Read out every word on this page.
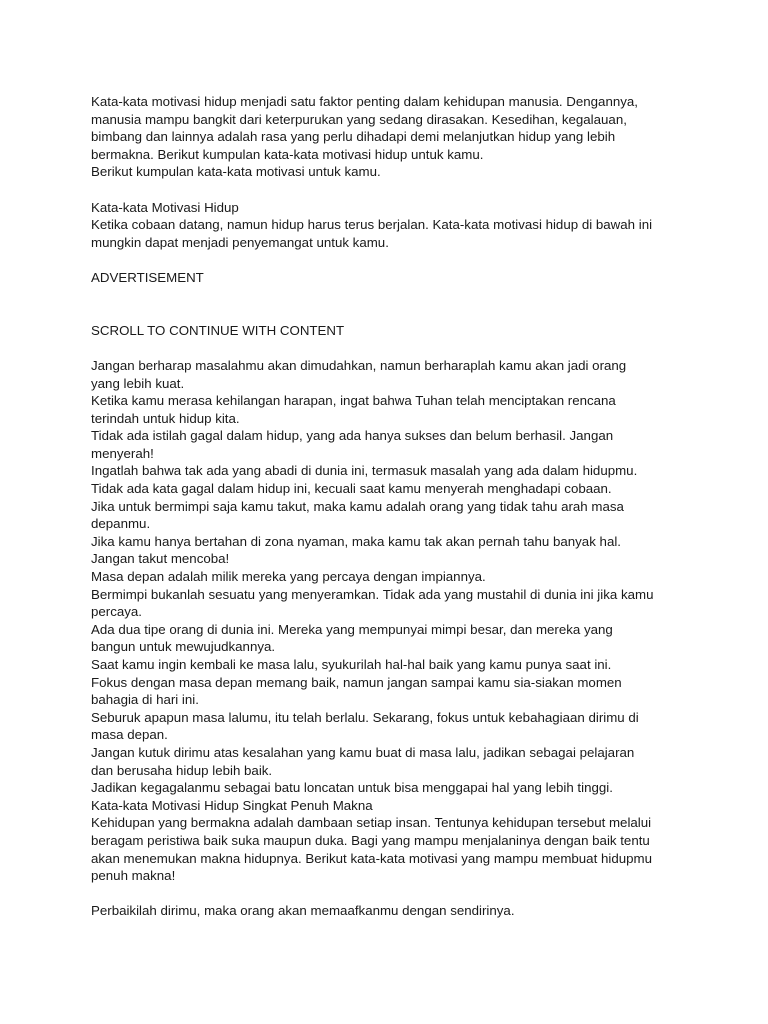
Kata-kata motivasi hidup menjadi satu faktor penting dalam kehidupan manusia. Dengannya,

manusia mampu bangkit dari keterpurukan yang sedang dirasakan. Kesedihan, kegalauan,

bimbang dan lainnya adalah rasa yang perlu dihadapi demi melanjutkan hidup yang lebih

bermakna. Berikut kumpulan kata-kata motivasi hidup untuk kamu.

Berikut kumpulan kata-kata motivasi untuk kamu.

Kata-kata Motivasi Hidup

Ketika cobaan datang, namun hidup harus terus berjalan. Kata-kata motivasi hidup di bawah ini

mungkin dapat menjadi penyemangat untuk kamu.

ADVERTISEMENT

SCROLL TO CONTINUE WITH CONTENT

Jangan berharap masalahmu akan dimudahkan, namun berharaplah kamu akan jadi orang

yang lebih kuat.

Ketika kamu merasa kehilangan harapan, ingat bahwa Tuhan telah menciptakan rencana

terindah untuk hidup kita.

Tidak ada istilah gagal dalam hidup, yang ada hanya sukses dan belum berhasil. Jangan

menyerah!

Ingatlah bahwa tak ada yang abadi di dunia ini, termasuk masalah yang ada dalam hidupmu.

Tidak ada kata gagal dalam hidup ini, kecuali saat kamu menyerah menghadapi cobaan.

Jika untuk bermimpi saja kamu takut, maka kamu adalah orang yang tidak tahu arah masa

depanmu.

Jika kamu hanya bertahan di zona nyaman, maka kamu tak akan pernah tahu banyak hal.

Jangan takut mencoba!

Masa depan adalah milik mereka yang percaya dengan impiannya.

Bermimpi bukanlah sesuatu yang menyeramkan. Tidak ada yang mustahil di dunia ini jika kamu

percaya.

Ada dua tipe orang di dunia ini. Mereka yang mempunyai mimpi besar, dan mereka yang

bangun untuk mewujudkannya.

Saat kamu ingin kembali ke masa lalu, syukurilah hal-hal baik yang kamu punya saat ini.

Fokus dengan masa depan memang baik, namun jangan sampai kamu sia-siakan momen

bahagia di hari ini.

Seburuk apapun masa lalumu, itu telah berlalu. Sekarang, fokus untuk kebahagiaan dirimu di

masa depan.

Jangan kutuk dirimu atas kesalahan yang kamu buat di masa lalu, jadikan sebagai pelajaran

dan berusaha hidup lebih baik.

Jadikan kegagalanmu sebagai batu loncatan untuk bisa menggapai hal yang lebih tinggi.

Kata-kata Motivasi Hidup Singkat Penuh Makna

Kehidupan yang bermakna adalah dambaan setiap insan. Tentunya kehidupan tersebut melalui

beragam peristiwa baik suka maupun duka. Bagi yang mampu menjalaninya dengan baik tentu

akan menemukan makna hidupnya. Berikut kata-kata motivasi yang mampu membuat hidupmu

penuh makna!

Perbaikilah dirimu, maka orang akan memaafkanmu dengan sendirinya.
